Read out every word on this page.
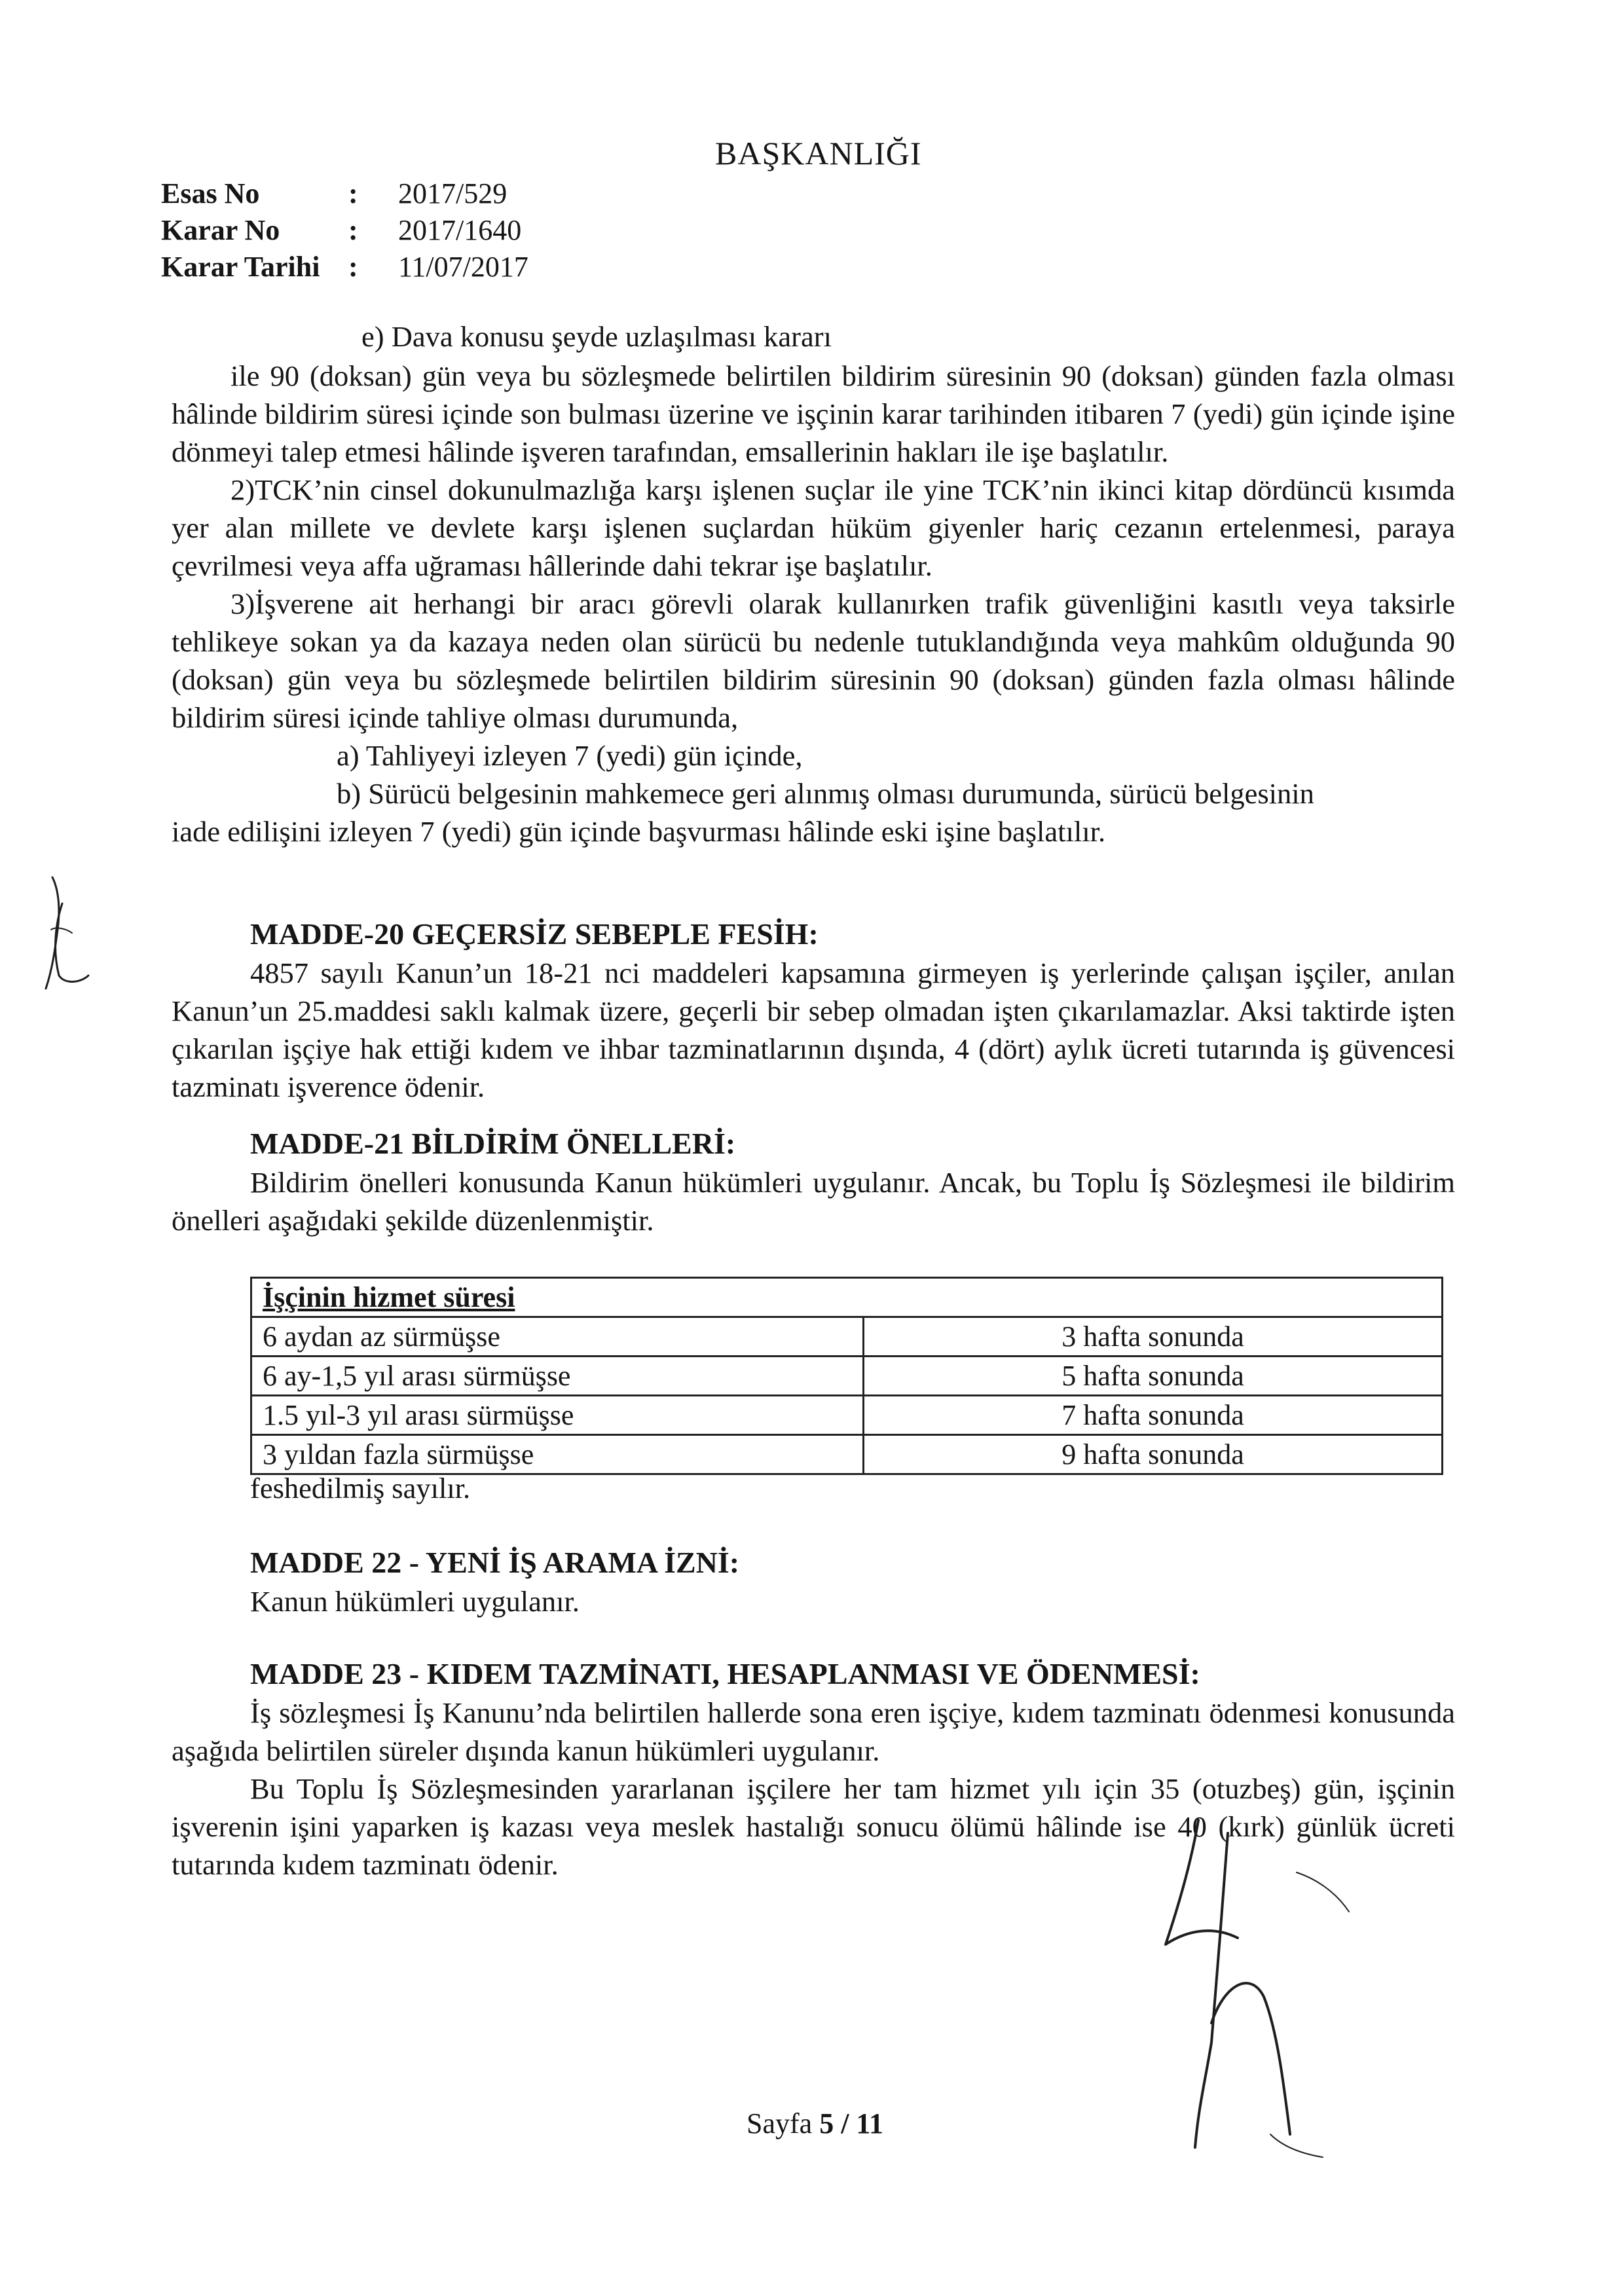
BAŞKANLIĞI
Esas No	: 2017/529
Karar No : 2017/1640
Karar Tarihi : 11/07/2017

e) Dava konusu şeyde uzlaşılması kararı

ile 90 (doksan) gün veya bu sözleşmede belirtilen bildirim süresinin 90 (doksan) günden fazla olması hâlinde bildirim süresi içinde son bulması üzerine ve işçinin karar tarihinden itibaren 7 (yedi) gün içinde işine dönmeyi talep etmesi hâlinde işveren tarafından, emsallerinin hakları ile işe başlatılır.

2)TCK’nin cinsel dokunulmazlığa karşı işlenen suçlar ile yine TCK’nin ikinci kitap dördüncü kısımda yer alan millete ve devlete karşı işlenen suçlardan hüküm giyenler hariç cezanın ertelenmesi, paraya çevrilmesi veya affa uğraması hâllerinde dahi tekrar işe başlatılır.

3)İşverene ait herhangi bir aracı görevli olarak kullanırken trafik güvenliğini kasıtlı veya taksirle tehlikeye sokan ya da kazaya neden olan sürücü bu nedenle tutuklandığında veya mahkûm olduğunda 90 (doksan) gün veya bu sözleşmede belirtilen bildirim süresinin 90 (doksan) günden fazla olması hâlinde bildirim süresi içinde tahliye olması durumunda,

a) Tahliyeyi izleyen 7 (yedi) gün içinde,

b) Sürücü belgesinin mahkemece geri alınmış olması durumunda, sürücü belgesinin

iade edilişini izleyen 7 (yedi) gün içinde başvurması hâlinde eski işine başlatılır.

MADDE-20 GEÇERSİZ SEBEPLE FESİH:

4857 sayılı Kanun’un 18-21 nci maddeleri kapsamına girmeyen iş yerlerinde çalışan işçiler, anılan Kanun’un 25.maddesi saklı kalmak üzere, geçerli bir sebep olmadan işten çıkarılamazlar. Aksi taktirde işten çıkarılan işçiye hak ettiği kıdem ve ihbar tazminatlarının dışında, 4 (dört) aylık ücreti tutarında iş güvencesi tazminatı işverence ödenir.

MADDE-21 BİLDİRİM ÖNELLERİ:

Bildirim önelleri konusunda Kanun hükümleri uygulanır. Ancak, bu Toplu İş Sözleşmesi ile bildirim önelleri aşağıdaki şekilde düzenlenmiştir.

İşçinin hizmet süresi	
6 aydan az sürmüşse	3 hafta sonunda
6 ay-1,5 yıl arası sürmüşse	5 hafta sonunda
1.5 yıl-3 yıl arası sürmüşse	7 hafta sonunda
3 yıldan fazla sürmüşse	9 hafta sonunda
feshedilmiş sayılır.

MADDE 22 - YENİ İŞ ARAMA İZNİ:

Kanun hükümleri uygulanır.

MADDE 23 - KIDEM TAZMİNATI, HESAPLANMASI VE ÖDENMESİ:

İş sözleşmesi İş Kanunu’nda belirtilen hallerde sona eren işçiye, kıdem tazminatı ödenmesi konusunda aşağıda belirtilen süreler dışında kanun hükümleri uygulanır.

Bu Toplu İş Sözleşmesinden yararlanan işçilere her tam hizmet yılı için 35 (otuzbeş) gün, işçinin işverenin işini yaparken iş kazası veya meslek hastalığı sonucu ölümü hâlinde ise 40 (kırk) günlük ücreti tutarında kıdem tazminatı ödenir.

Sayfa 5 / 11
